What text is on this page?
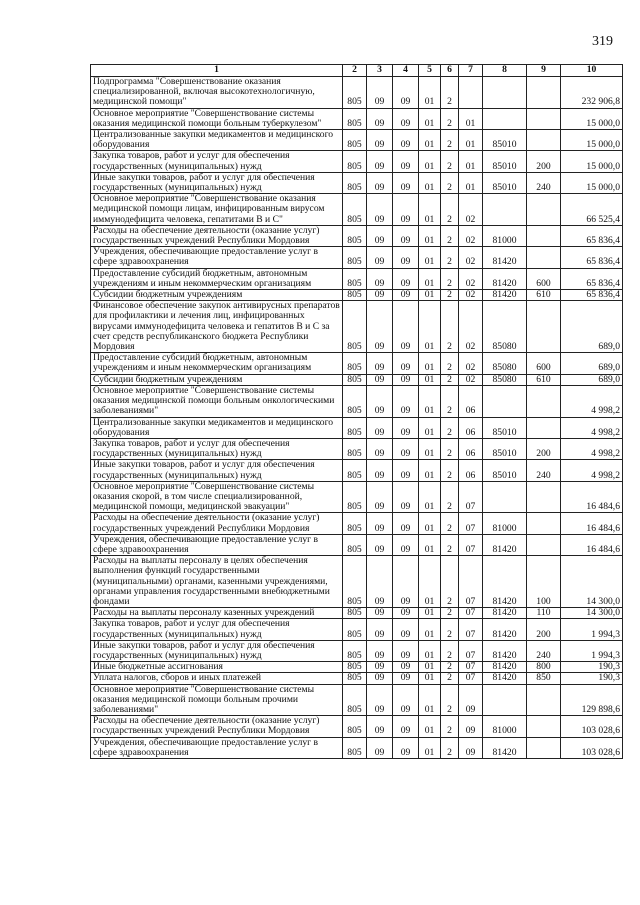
319
1	2	3	4	5	6	7	8	9	10
Подпрограмма "Совершенствование оказания специализированной, включая высокотехнологичную, медицинской помощи"	805	09	09	01	2				232 906,8
Основное мероприятие "Совершенствование системы оказания медицинской помощи больным туберкулезом"	805	09	09	01	2	01			15 000,0
Централизованные закупки медикаментов и медицинского оборудования	805	09	09	01	2	01	85010		15 000,0
Закупка товаров, работ и услуг для обеспечения государственных (муниципальных) нужд	805	09	09	01	2	01	85010	200	15 000,0
Иные закупки товаров, работ и услуг для обеспечения государственных (муниципальных) нужд	805	09	09	01	2	01	85010	240	15 000,0
Основное мероприятие "Совершенствование оказания медицинской помощи лицам, инфицированным вирусом иммунодефицита человека, гепатитами В и С"	805	09	09	01	2	02			66 525,4
Расходы на обеспечение деятельности (оказание услуг) государственных учреждений Республики Мордовия	805	09	09	01	2	02	81000		65 836,4
Учреждения, обеспечивающие предоставление услуг в сфере здравоохранения	805	09	09	01	2	02	81420		65 836,4
Предоставление субсидий бюджетным, автономным учреждениям и иным некоммерческим организациям	805	09	09	01	2	02	81420	600	65 836,4
Субсидии бюджетным учреждениям	805	09	09	01	2	02	81420	610	65 836,4
Финансовое обеспечение закупок антивирусных препаратов для профилактики и лечения лиц, инфицированных вирусами иммунодефицита человека и гепатитов В и С за счет средств республиканского бюджета Республики Мордовия	805	09	09	01	2	02	85080		689,0
Предоставление субсидий бюджетным, автономным учреждениям и иным некоммерческим организациям	805	09	09	01	2	02	85080	600	689,0
Субсидии бюджетным учреждениям	805	09	09	01	2	02	85080	610	689,0
Основное мероприятие "Совершенствование системы оказания медицинской помощи больным онкологическими заболеваниями"	805	09	09	01	2	06			4 998,2
Централизованные закупки медикаментов и медицинского оборудования	805	09	09	01	2	06	85010		4 998,2
Закупка товаров, работ и услуг для обеспечения государственных (муниципальных) нужд	805	09	09	01	2	06	85010	200	4 998,2
Иные закупки товаров, работ и услуг для обеспечения государственных (муниципальных) нужд	805	09	09	01	2	06	85010	240	4 998,2
Основное мероприятие "Совершенствование системы оказания скорой, в том числе специализированной, медицинской помощи, медицинской эвакуации"	805	09	09	01	2	07			16 484,6
Расходы на обеспечение деятельности (оказание услуг) государственных учреждений Республики Мордовия	805	09	09	01	2	07	81000		16 484,6
Учреждения, обеспечивающие предоставление услуг в сфере здравоохранения	805	09	09	01	2	07	81420		16 484,6
Расходы на выплаты персоналу в целях обеспечения выполнения функций государственными (муниципальными) органами, казенными учреждениями, органами управления государственными внебюджетными фондами	805	09	09	01	2	07	81420	100	14 300,0
Расходы на выплаты персоналу казенных учреждений	805	09	09	01	2	07	81420	110	14 300,0
Закупка товаров, работ и услуг для обеспечения государственных (муниципальных) нужд	805	09	09	01	2	07	81420	200	1 994,3
Иные закупки товаров, работ и услуг для обеспечения государственных (муниципальных) нужд	805	09	09	01	2	07	81420	240	1 994,3
Иные бюджетные ассигнования	805	09	09	01	2	07	81420	800	190,3
Уплата налогов, сборов и иных платежей	805	09	09	01	2	07	81420	850	190,3
Основное мероприятие "Совершенствование системы оказания медицинской помощи больным прочими заболеваниями"	805	09	09	01	2	09			129 898,6
Расходы на обеспечение деятельности (оказание услуг) государственных учреждений Республики Мордовия	805	09	09	01	2	09	81000		103 028,6
Учреждения, обеспечивающие предоставление услуг в сфере здравоохранения	805	09	09	01	2	09	81420		103 028,6
